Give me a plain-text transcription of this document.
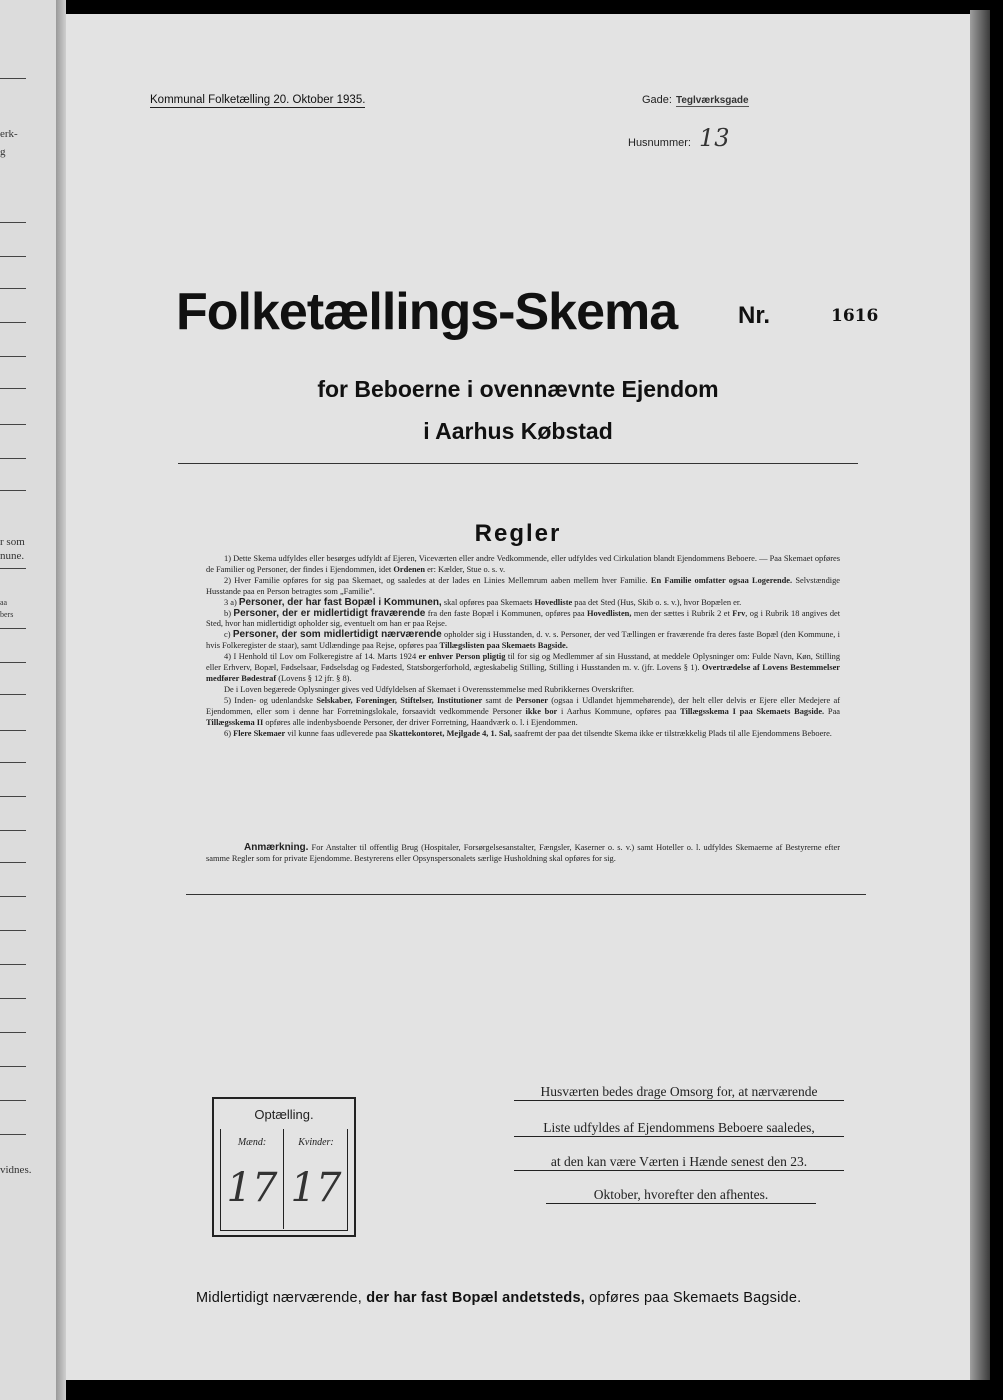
erk-
g
r som
nune.
aa
bers
vidnes.
Kommunal Folketælling 20. Oktober 1935.	Gade: Teglværksgade
Husnummer: 13
Folketællings-Skema	Nr.	1616
for Beboerne i ovennævnte Ejendom
i Aarhus Købstad
Regler

1) Dette Skema udfyldes eller besørges udfyldt af Ejeren, Viceværten eller andre Vedkommende, eller udfyldes ved Cirkulation blandt Ejendommens Beboere. — Paa Skemaet opføres de Familier og Personer, der findes i Ejendommen, idet Ordenen er: Kælder, Stue o. s. v.

2) Hver Familie opføres for sig paa Skemaet, og saaledes at der lades en Linies Mellemrum aaben mellem hver Familie. En Familie omfatter ogsaa Logerende. Selvstændige Husstande paa en Person betragtes som „Familie".

3 a) Personer, der har fast Bopæl i Kommunen, skal opføres paa Skemaets Hovedliste paa det Sted (Hus, Skib o. s. v.), hvor Bopælen er.

b) Personer, der er midlertidigt fraværende fra den faste Bopæl i Kommunen, opføres paa Hovedlisten, men der sættes i Rubrik 2 et Frv, og i Rubrik 18 angives det Sted, hvor han midlertidigt opholder sig, eventuelt om han er paa Rejse.

c) Personer, der som midlertidigt nærværende opholder sig i Husstanden, d. v. s. Personer, der ved Tællingen er fraværende fra deres faste Bopæl (den Kommune, i hvis Folkeregister de staar), samt Udlændinge paa Rejse, opføres paa Tillægslisten paa Skemaets Bagside.

4) I Henhold til Lov om Folkeregistre af 14. Marts 1924 er enhver Person pligtig til for sig og Medlemmer af sin Husstand, at meddele Oplysninger om: Fulde Navn, Køn, Stilling eller Erhverv, Bopæl, Fødselsaar, Fødselsdag og Fødested, Statsborgerforhold, ægteskabelig Stilling, Stilling i Husstanden m. v. (jfr. Lovens § 1). Overtrædelse af Lovens Bestemmelser medfører Bødestraf (Lovens § 12 jfr. § 8).

De i Loven begærede Oplysninger gives ved Udfyldelsen af Skemaet i Overensstemmelse med Rubrikkernes Overskrifter.

5) Inden- og udenlandske Selskaber, Foreninger, Stiftelser, Institutioner samt de Personer (ogsaa i Udlandet hjemmehørende), der helt eller delvis er Ejere eller Medejere af Ejendommen, eller som i denne har Forretningslokale, forsaavidt vedkommende Personer ikke bor i Aarhus Kommune, opføres paa Tillægsskema I paa Skemaets Bagside. Paa Tillægsskema II opføres alle indenbysboende Personer, der driver Forretning, Haandværk o. l. i Ejendommen.

6) Flere Skemaer vil kunne faas udleverede paa Skattekontoret, Mejlgade 4, 1. Sal, saafremt der paa det tilsendte Skema ikke er tilstrækkelig Plads til alle Ejendommens Beboere.

Anmærkning. For Anstalter til offentlig Brug (Hospitaler, Forsørgelsesanstalter, Fængsler, Kaserner o. s. v.) samt Hoteller o. l. udfyldes Skemaerne af Bestyrerne efter samme Regler som for private Ejendomme. Bestyrerens eller Opsynspersonalets særlige Husholdning skal opføres for sig.
Optælling.
Mænd:	Kvinder:
17 17
Husværten bedes drage Omsorg for, at nærværende
Liste udfyldes af Ejendommens Beboere saaledes,
at den kan være Værten i Hænde senest den 23.
Oktober, hvorefter den afhentes.
Midlertidigt nærværende, der har fast Bopæl andetsteds, opføres paa Skemaets Bagside.
